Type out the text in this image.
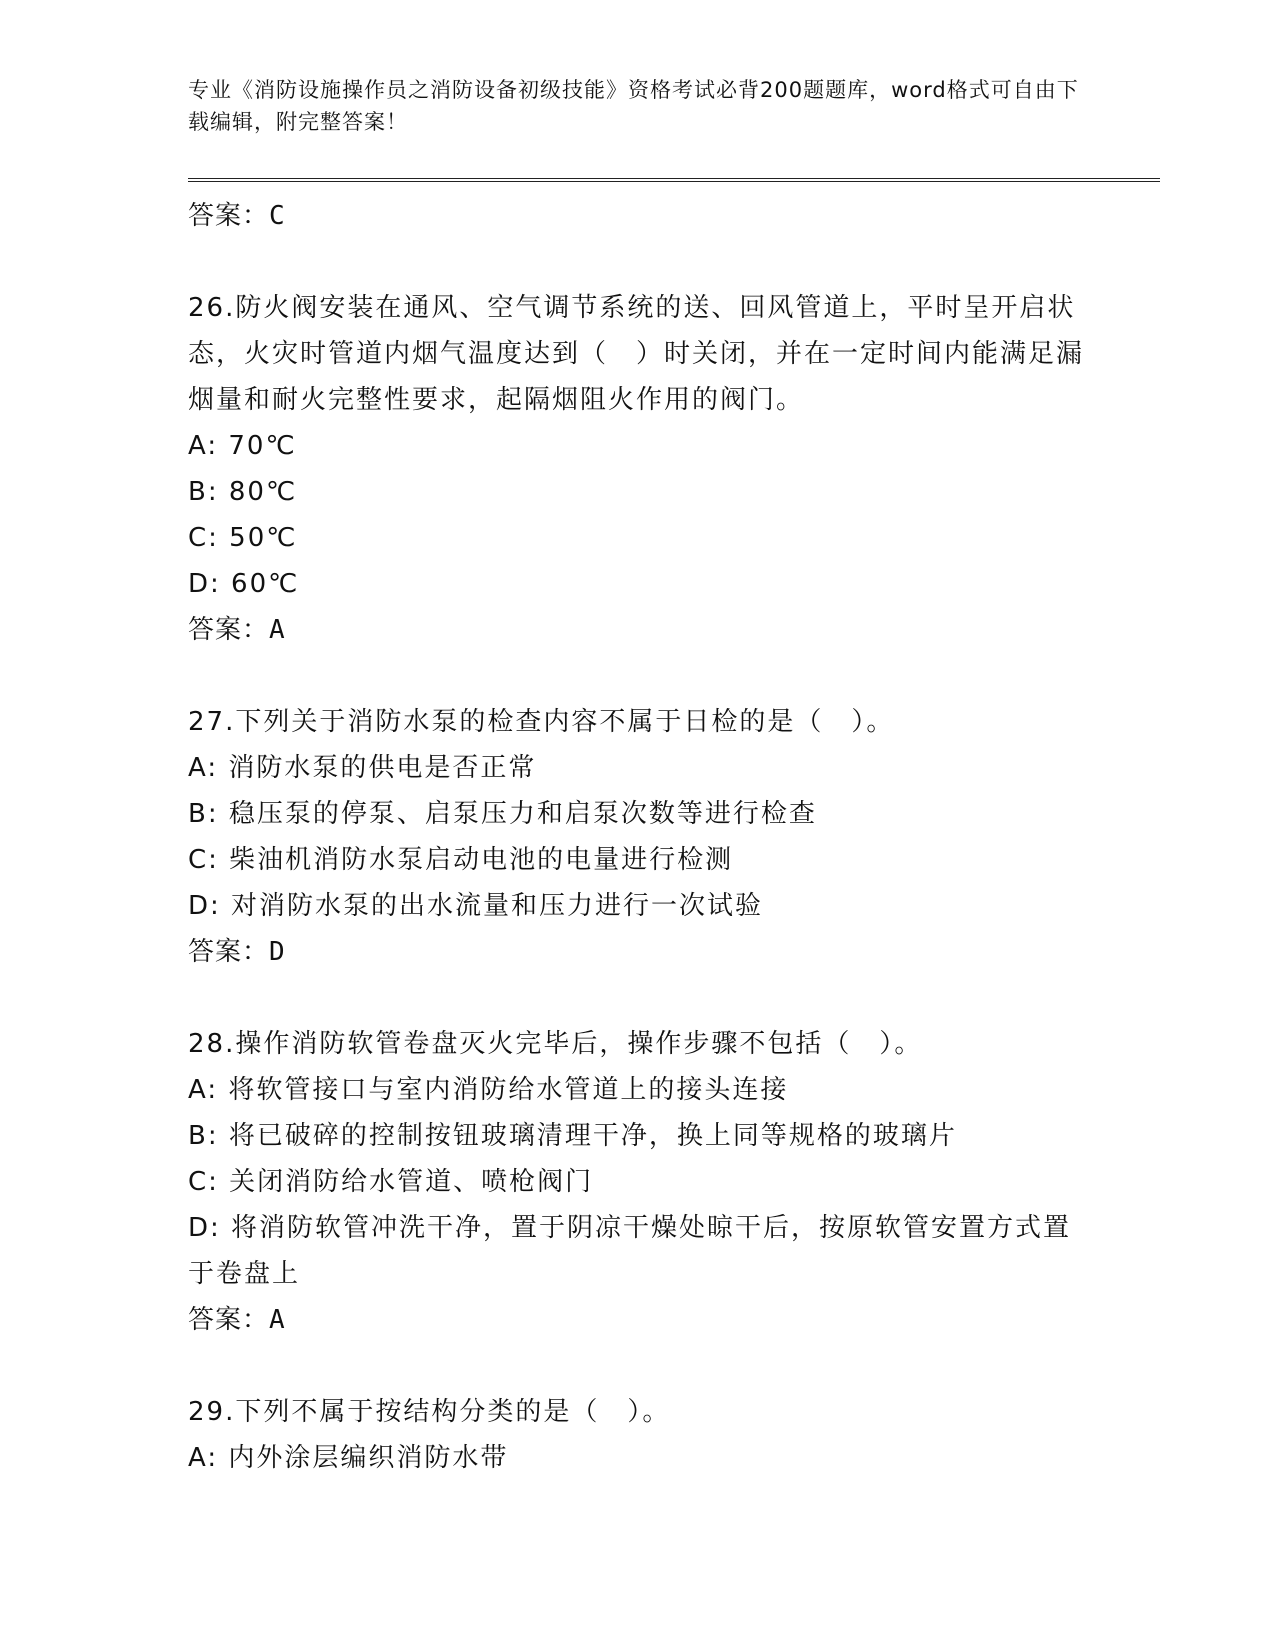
专业《消防设施操作员之消防设备初级技能》资格考试必背200题题库，word格式可自由下载编辑，附完整答案！
答案：C
26.防火阀安装在通风、空气调节系统的送、回风管道上，平时呈开启状态，火灾时管道内烟气温度达到（　）时关闭，并在一定时间内能满足漏烟量和耐火完整性要求，起隔烟阻火作用的阀门。
A: 70℃
B: 80℃
C: 50℃
D: 60℃
答案：A
27.下列关于消防水泵的检查内容不属于日检的是（　）。
A: 消防水泵的供电是否正常
B: 稳压泵的停泵、启泵压力和启泵次数等进行检查
C: 柴油机消防水泵启动电池的电量进行检测
D: 对消防水泵的出水流量和压力进行一次试验
答案：D
28.操作消防软管卷盘灭火完毕后，操作步骤不包括（　）。
A: 将软管接口与室内消防给水管道上的接头连接
B: 将已破碎的控制按钮玻璃清理干净，换上同等规格的玻璃片
C: 关闭消防给水管道、喷枪阀门
D: 将消防软管冲洗干净，置于阴凉干燥处晾干后，按原软管安置方式置于卷盘上
答案：A
29.下列不属于按结构分类的是（　）。
A: 内外涂层编织消防水带
